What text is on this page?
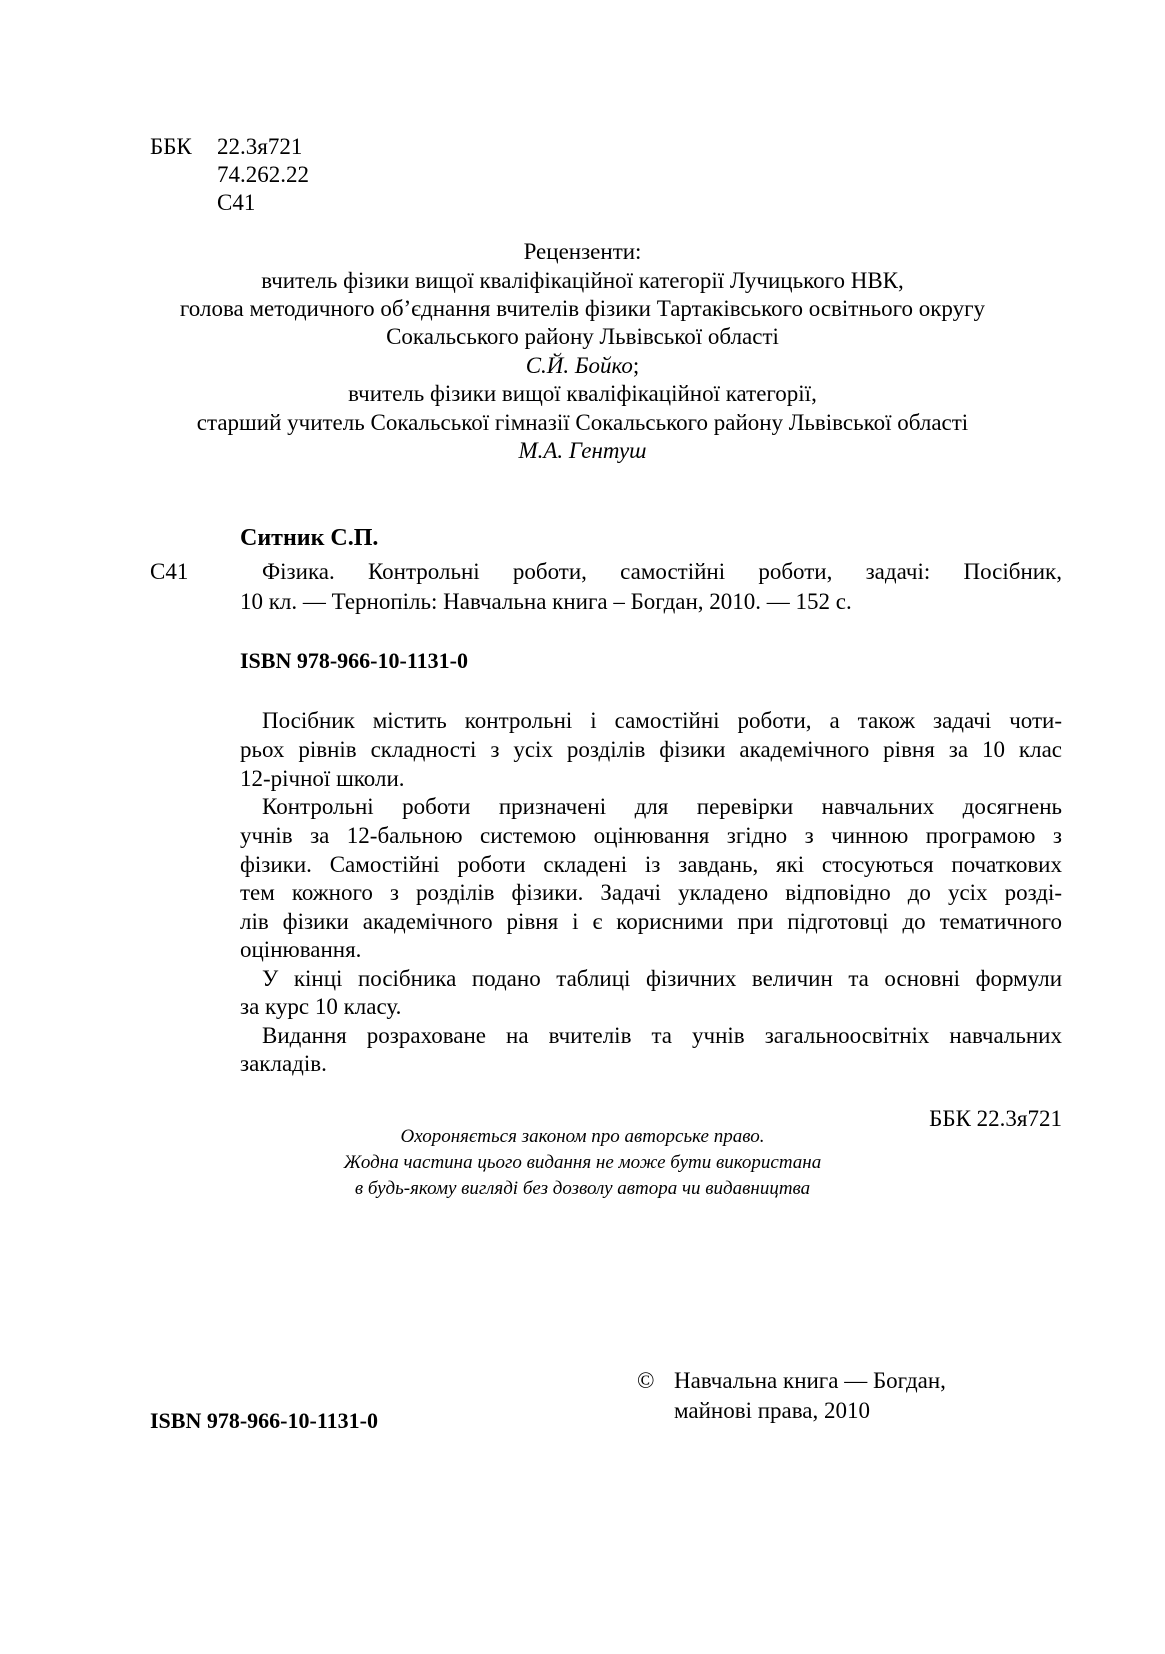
ББК 22.3я721
74.262.22
С41
Рецензенти:
вчитель фізики вищої кваліфікаційної категорії Лучицького НВК,
голова методичного об’єднання вчителів фізики Тартаківського освітнього округу
Сокальського району Львівської області
С.Й. Бойко;
вчитель фізики вищої кваліфікаційної категорії,
старший учитель Сокальської гімназії Сокальського району Львівської області
М.А. Гентуш
Ситник С.П.
С41	Фізика. Контрольні роботи, самостійні роботи, задачі: Посібник,
10 кл. — Тернопіль: Навчальна книга – Богдан, 2010. — 152 с.
ISBN 978-966-10-1131-0
Посібник містить контрольні і самостійні роботи, а також задачі чоти-
рьох рівнів складності з усіх розділів фізики академічного рівня за 10 клас
12-річної школи.
Контрольні роботи призначені для перевірки навчальних досягнень
учнів за 12-бальною системою оцінювання згідно з чинною програмою з
фізики. Самостійні роботи складені із завдань, які стосуються початкових
тем кожного з розділів фізики. Задачі укладено відповідно до усіх розді-
лів фізики академічного рівня і є корисними при підготовці до тематичного
оцінювання.
У кінці посібника подано таблиці фізичних величин та основні формули
за курс 10 класу.
Видання розраховане на вчителів та учнів загальноосвітніх навчальних
закладів.
ББК 22.3я721
Охороняється законом про авторське право.
Жодна частина цього видання не може бути використана
в будь-якому вигляді без дозволу автора чи видавництва
ISBN 978-966-10-1131-0
© Навчальна книга — Богдан,
майнові права, 2010
